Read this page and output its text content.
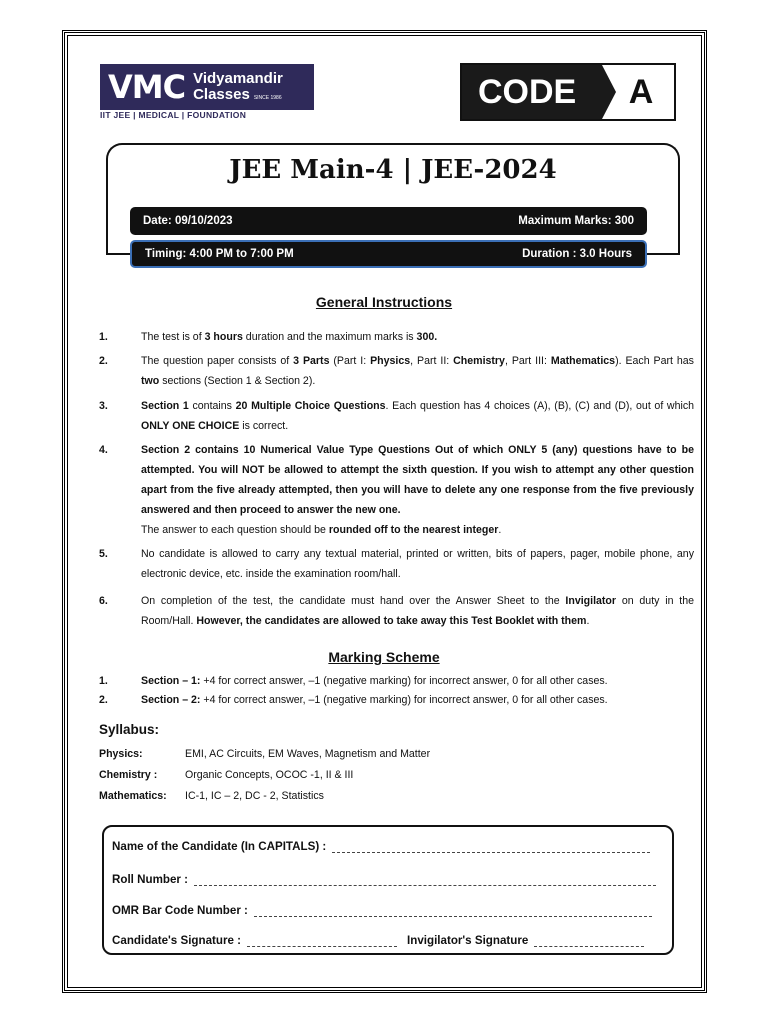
VMC Vidyamandir
Classes SINCE 1986
IIT JEE | MEDICAL | FOUNDATION
CODE	A
JEE Main-4 | JEE-2024
Date: 09/10/2023	Maximum Marks: 300
Timing: 4:00 PM to 7:00 PM	Duration : 3.0 Hours
General Instructions
1.	The test is of 3 hours duration and the maximum marks is 300.
2.	The question paper consists of 3 Parts (Part I: Physics, Part II: Chemistry, Part III: Mathematics). Each Part has two sections (Section 1 & Section 2).
3.	Section 1 contains 20 Multiple Choice Questions. Each question has 4 choices (A), (B), (C) and (D), out of which ONLY ONE CHOICE is correct.
4.	Section 2 contains 10 Numerical Value Type Questions Out of which ONLY 5 (any) questions have to be attempted. You will NOT be allowed to attempt the sixth question. If you wish to attempt any other question apart from the five already attempted, then you will have to delete any one response from the five previously answered and then proceed to answer the new one.
The answer to each question should be rounded off to the nearest integer.
5.	No candidate is allowed to carry any textual material, printed or written, bits of papers, pager, mobile phone, any electronic device, etc. inside the examination room/hall.
6.	On completion of the test, the candidate must hand over the Answer Sheet to the Invigilator on duty in the Room/Hall. However, the candidates are allowed to take away this Test Booklet with them.
Marking Scheme
1.	Section – 1: +4 for correct answer, –1 (negative marking) for incorrect answer, 0 for all other cases.
2.	Section – 2: +4 for correct answer, –1 (negative marking) for incorrect answer, 0 for all other cases.
Syllabus:
Physics:	EMI, AC Circuits, EM Waves, Magnetism and Matter
Chemistry :	Organic Concepts, OCOC -1, II & III
Mathematics: IC-1, IC – 2, DC - 2, Statistics
Name of the Candidate (In CAPITALS) :
Roll Number :
OMR Bar Code Number :
Candidate's Signature :	Invigilator's Signature
